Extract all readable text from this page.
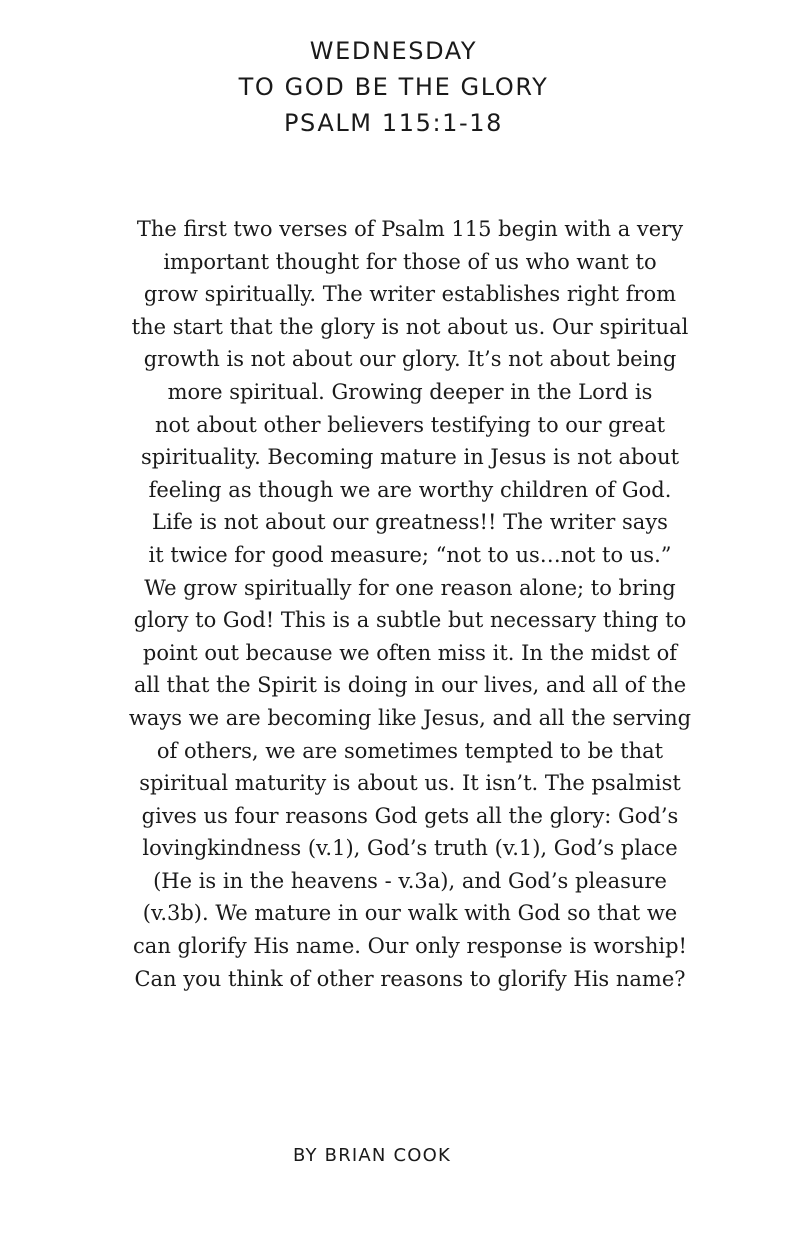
WEDNESDAY
TO GOD BE THE GLORY
PSALM 115:1-18
The first two verses of Psalm 115 begin with a very
important thought for those of us who want to
grow spiritually. The writer establishes right from
the start that the glory is not about us. Our spiritual
growth is not about our glory. It’s not about being
more spiritual. Growing deeper in the Lord is
not about other believers testifying to our great
spirituality. Becoming mature in Jesus is not about
feeling as though we are worthy children of God.
Life is not about our greatness!! The writer says
it twice for good measure; “not to us…not to us.”
We grow spiritually for one reason alone; to bring
glory to God! This is a subtle but necessary thing to
point out because we often miss it. In the midst of
all that the Spirit is doing in our lives, and all of the
ways we are becoming like Jesus, and all the serving
of others, we are sometimes tempted to be that
spiritual maturity is about us. It isn’t. The psalmist
gives us four reasons God gets all the glory: God’s
lovingkindness (v.1), God’s truth (v.1), God’s place
(He is in the heavens - v.3a), and God’s pleasure
(v.3b). We mature in our walk with God so that we
can glorify His name. Our only response is worship!
Can you think of other reasons to glorify His name?
BY BRIAN COOK
